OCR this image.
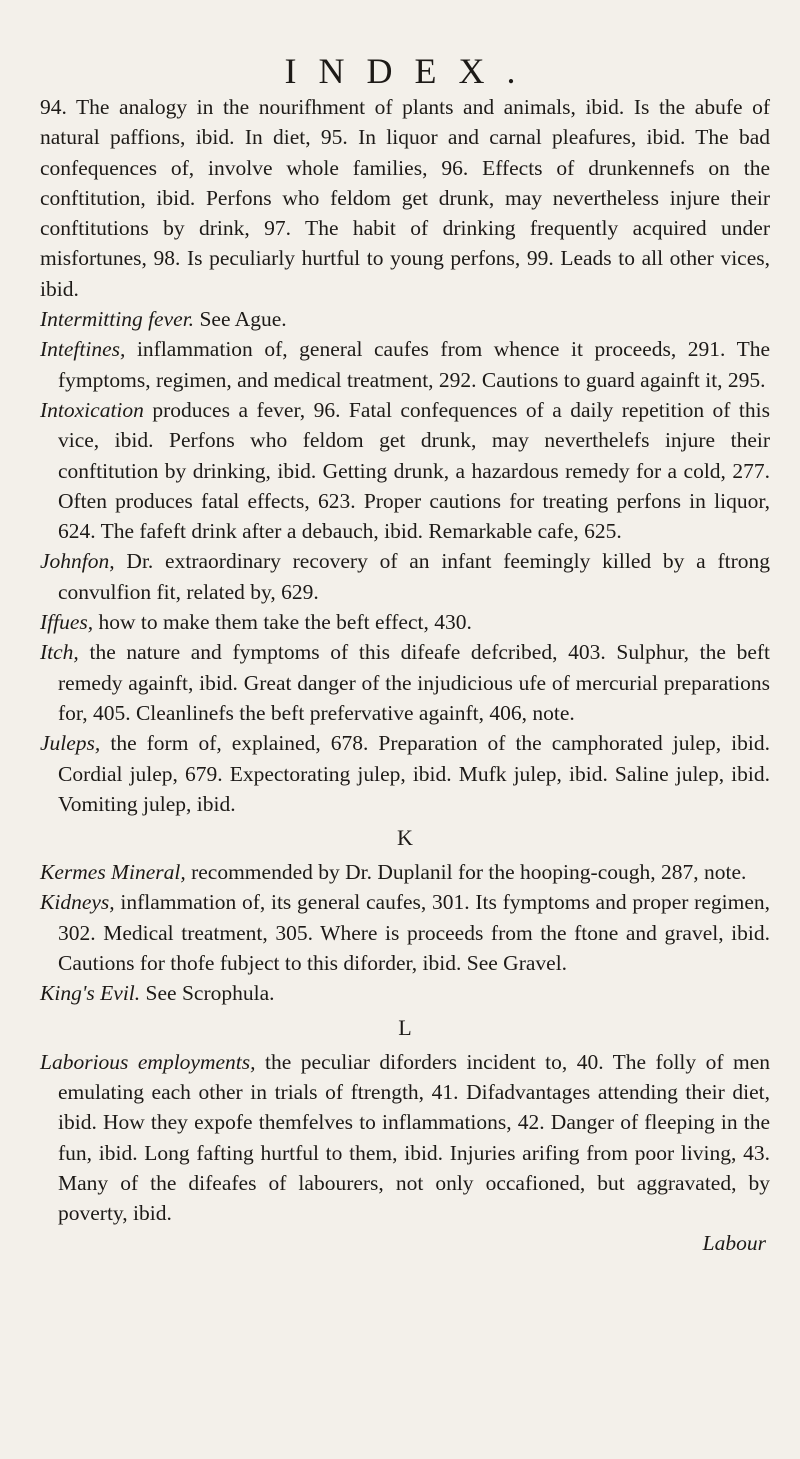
INDEX.

94. The analogy in the nourifhment of plants and animals, ibid. Is the abufe of natural paffions, ibid. In diet, 95. In liquor and carnal pleafures, ibid. The bad confequences of, involve whole families, 96. Effects of drunkennefs on the conftitution, ibid. Perfons who feldom get drunk, may nevertheless injure their conftitutions by drink, 97. The habit of drinking frequently acquired under misfortunes, 98. Is peculiarly hurtful to young perfons, 99. Leads to all other vices, ibid.

Intermitting fever. See Ague.

Inteftines, inflammation of, general caufes from whence it proceeds, 291. The fymptoms, regimen, and medical treatment, 292. Cautions to guard againft it, 295.

Intoxication produces a fever, 96. Fatal confequences of a daily repetition of this vice, ibid. Perfons who feldom get drunk, may neverthelefs injure their conftitution by drinking, ibid. Getting drunk, a hazardous remedy for a cold, 277. Often produces fatal effects, 623. Proper cautions for treating perfons in liquor, 624. The fafeft drink after a debauch, ibid. Remarkable cafe, 625.

Johnfon, Dr. extraordinary recovery of an infant feemingly killed by a ftrong convulfion fit, related by, 629.

Iffues, how to make them take the beft effect, 430.

Itch, the nature and fymptoms of this difeafe defcribed, 403. Sulphur, the beft remedy againft, ibid. Great danger of the injudicious ufe of mercurial preparations for, 405. Cleanlinefs the beft prefervative againft, 406, note.

Juleps, the form of, explained, 678. Preparation of the camphorated julep, ibid. Cordial julep, 679. Expectorating julep, ibid. Mufk julep, ibid. Saline julep, ibid. Vomiting julep, ibid.

K

Kermes Mineral, recommended by Dr. Duplanil for the hooping-cough, 287, note.

Kidneys, inflammation of, its general caufes, 301. Its fymptoms and proper regimen, 302. Medical treatment, 305. Where is proceeds from the ftone and gravel, ibid. Cautions for thofe fubject to this diforder, ibid. See Gravel.

King's Evil. See Scrophula.

L

Laborious employments, the peculiar diforders incident to, 40. The folly of men emulating each other in trials of ftrength, 41. Difadvantages attending their diet, ibid. How they expofe themfelves to inflammations, 42. Danger of fleeping in the fun, ibid. Long fafting hurtful to them, ibid. Injuries arifing from poor living, 43. Many of the difeafes of labourers, not only occafioned, but aggravated, by poverty, ibid.

Labour
